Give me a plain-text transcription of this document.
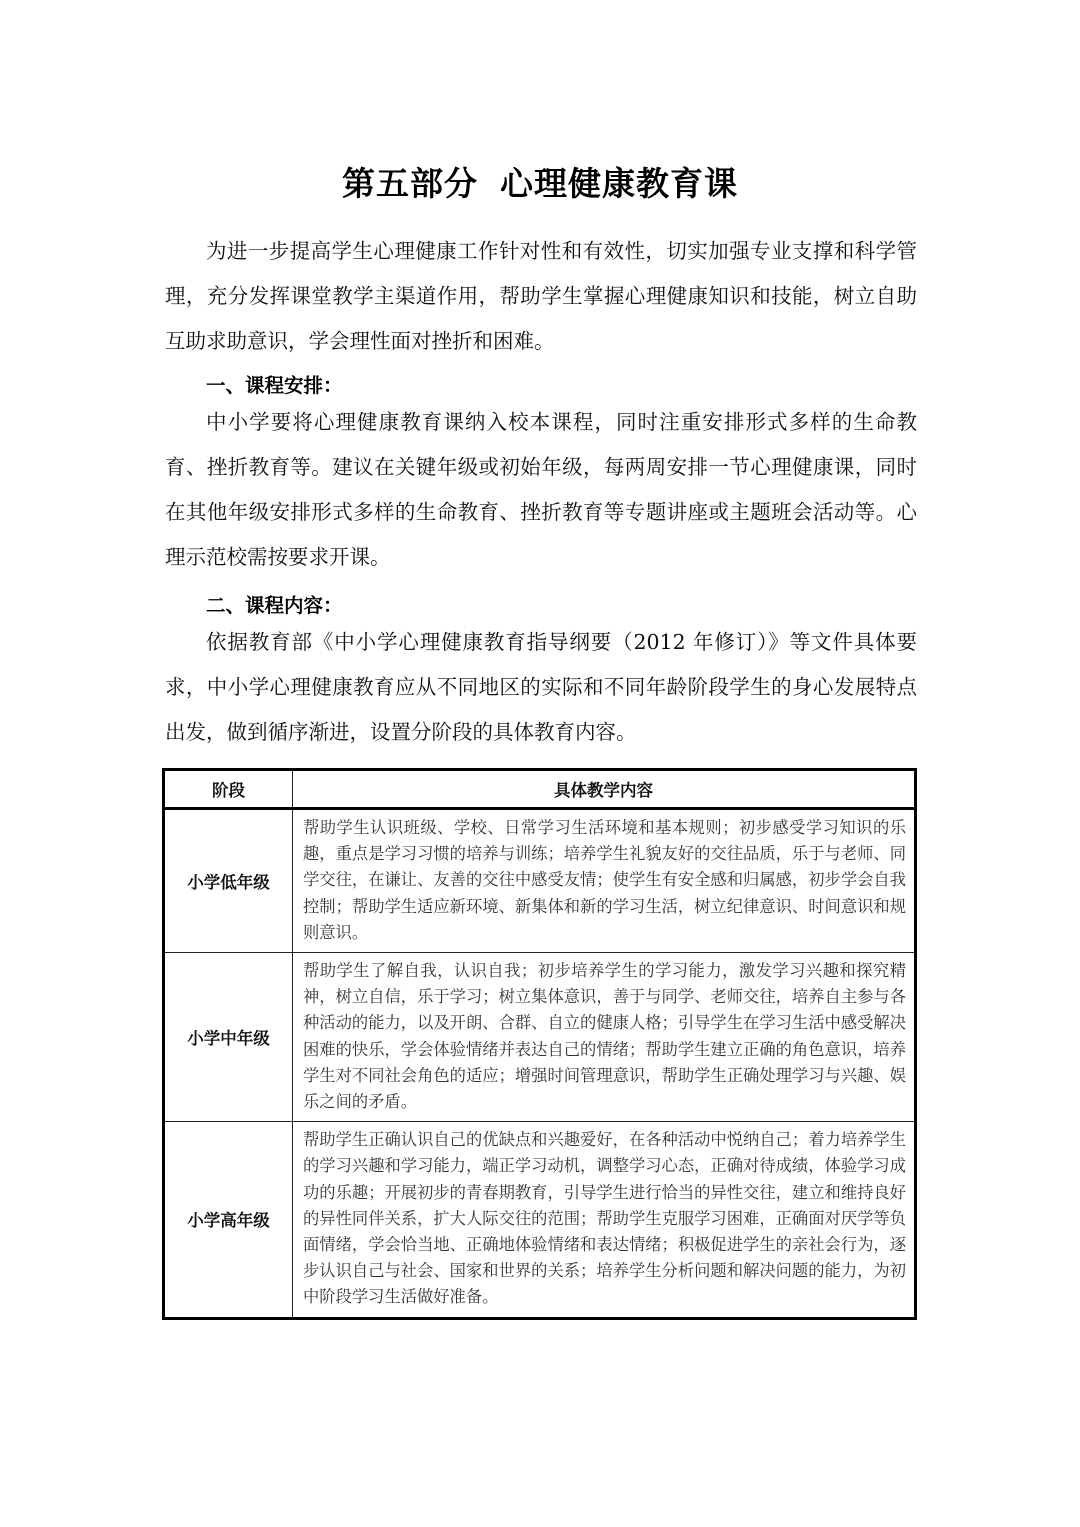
第五部分 心理健康教育课

为进一步提高学生心理健康工作针对性和有效性，切实加强专业支撑和科学管理，充分发挥课堂教学主渠道作用，帮助学生掌握心理健康知识和技能，树立自助互助求助意识，学会理性面对挫折和困难。

一、课程安排：

中小学要将心理健康教育课纳入校本课程，同时注重安排形式多样的生命教育、挫折教育等。建议在关键年级或初始年级，每两周安排一节心理健康课，同时在其他年级安排形式多样的生命教育、挫折教育等专题讲座或主题班会活动等。心理示范校需按要求开课。

二、课程内容：

依据教育部《中小学心理健康教育指导纲要（2012 年修订）》等文件具体要求，中小学心理健康教育应从不同地区的实际和不同年龄阶段学生的身心发展特点出发，做到循序渐进，设置分阶段的具体教育内容。

阶段	具体教学内容
小学低年级	帮助学生认识班级、学校、日常学习生活环境和基本规则；初步感受学习知识的乐趣，重点是学习习惯的培养与训练；培养学生礼貌友好的交往品质，乐于与老师、同学交往，在谦让、友善的交往中感受友情；使学生有安全感和归属感，初步学会自我控制；帮助学生适应新环境、新集体和新的学习生活，树立纪律意识、时间意识和规则意识。
小学中年级	帮助学生了解自我，认识自我；初步培养学生的学习能力，激发学习兴趣和探究精神，树立自信，乐于学习；树立集体意识，善于与同学、老师交往，培养自主参与各种活动的能力，以及开朗、合群、自立的健康人格；引导学生在学习生活中感受解决困难的快乐，学会体验情绪并表达自己的情绪；帮助学生建立正确的角色意识，培养学生对不同社会角色的适应；增强时间管理意识，帮助学生正确处理学习与兴趣、娱乐之间的矛盾。
小学高年级	帮助学生正确认识自己的优缺点和兴趣爱好，在各种活动中悦纳自己；着力培养学生的学习兴趣和学习能力，端正学习动机，调整学习心态，正确对待成绩，体验学习成功的乐趣；开展初步的青春期教育，引导学生进行恰当的异性交往，建立和维持良好的异性同伴关系，扩大人际交往的范围；帮助学生克服学习困难，正确面对厌学等负面情绪，学会恰当地、正确地体验情绪和表达情绪；积极促进学生的亲社会行为，逐步认识自己与社会、国家和世界的关系；培养学生分析问题和解决问题的能力，为初中阶段学习生活做好准备。
